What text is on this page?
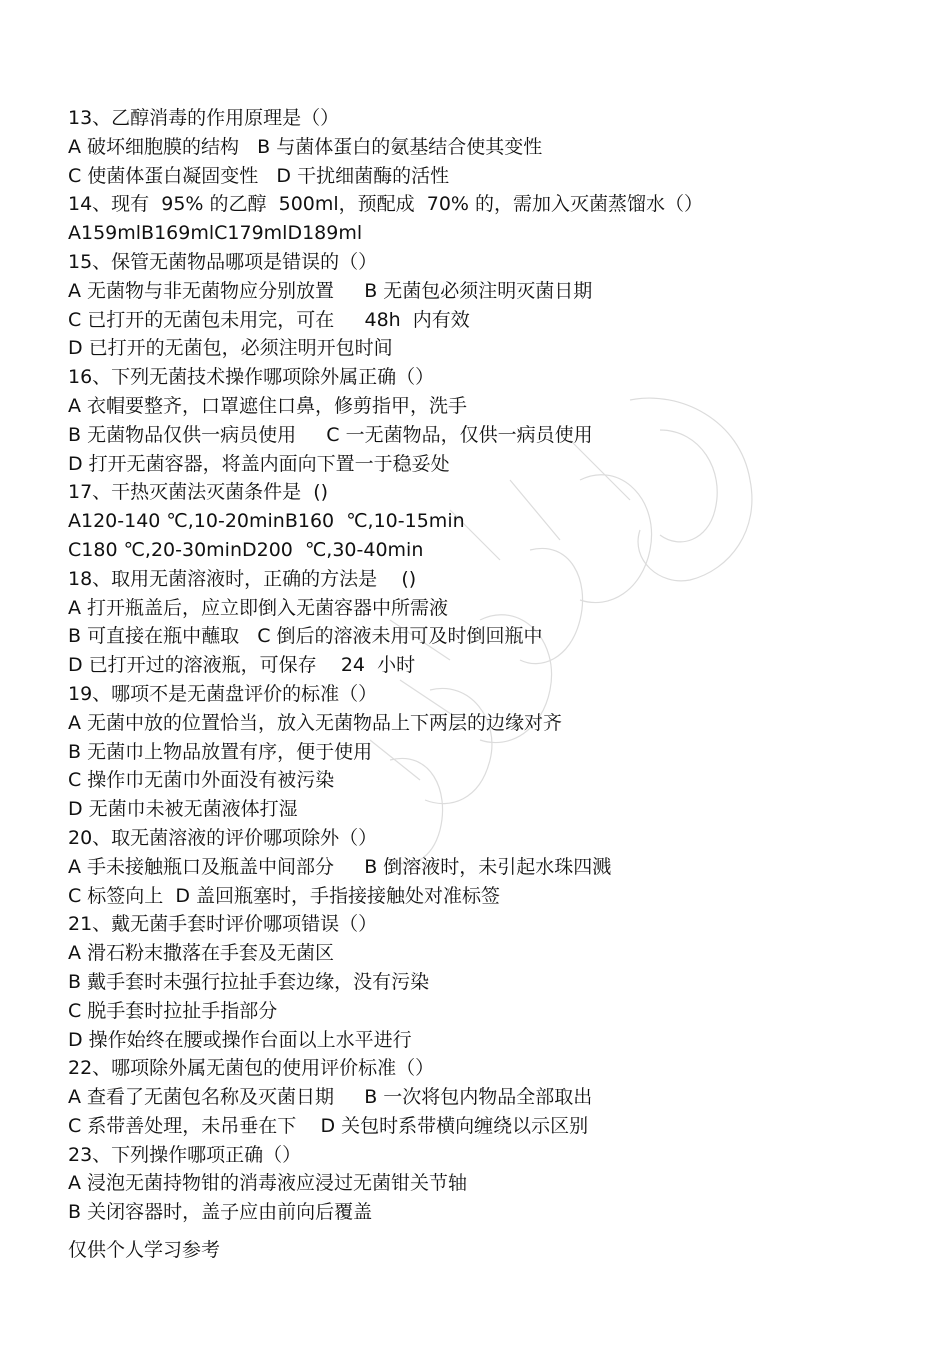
13、乙醇消毒的作用原理是（）
A 破坏细胞膜的结构   B 与菌体蛋白的氨基结合使其变性
C 使菌体蛋白凝固变性   D 干扰细菌酶的活性
14、现有  95% 的乙醇  500ml，预配成  70% 的，需加入灭菌蒸馏水（）
A159mlB169mlC179mlD189ml
15、保管无菌物品哪项是错误的（）
A 无菌物与非无菌物应分别放置     B 无菌包必须注明灭菌日期
C 已打开的无菌包未用完，可在     48h  内有效
D 已打开的无菌包，必须注明开包时间
16、下列无菌技术操作哪项除外属正确（）
A 衣帽要整齐，口罩遮住口鼻，修剪指甲，洗手
B 无菌物品仅供一病员使用     C 一无菌物品，仅供一病员使用
D 打开无菌容器，将盖内面向下置一于稳妥处
17、干热灭菌法灭菌条件是  ()
A120-140 ℃,10-20minB160  ℃,10-15min
C180 ℃,20-30minD200  ℃,30-40min
18、取用无菌溶液时，正确的方法是    ()
A 打开瓶盖后，应立即倒入无菌容器中所需液
B 可直接在瓶中蘸取   C 倒后的溶液未用可及时倒回瓶中
D 已打开过的溶液瓶，可保存    24  小时
19、哪项不是无菌盘评价的标准（）
A 无菌中放的位置恰当，放入无菌物品上下两层的边缘对齐
B 无菌巾上物品放置有序，便于使用
C 操作巾无菌巾外面没有被污染
D 无菌巾未被无菌液体打湿
20、取无菌溶液的评价哪项除外（）
A 手未接触瓶口及瓶盖中间部分     B 倒溶液时，未引起水珠四溅
C 标签向上  D 盖回瓶塞时，手指接接触处对准标签
21、戴无菌手套时评价哪项错误（）
A 滑石粉末撒落在手套及无菌区
B 戴手套时未强行拉扯手套边缘，没有污染
C 脱手套时拉扯手指部分
D 操作始终在腰或操作台面以上水平进行
22、哪项除外属无菌包的使用评价标准（）
A 查看了无菌包名称及灭菌日期     B 一次将包内物品全部取出
C 系带善处理，未吊垂在下    D 关包时系带横向缠绕以示区别
23、下列操作哪项正确（）
A 浸泡无菌持物钳的消毒液应浸过无菌钳关节轴
B 关闭容器时，盖子应由前向后覆盖
仅供个人学习参考
